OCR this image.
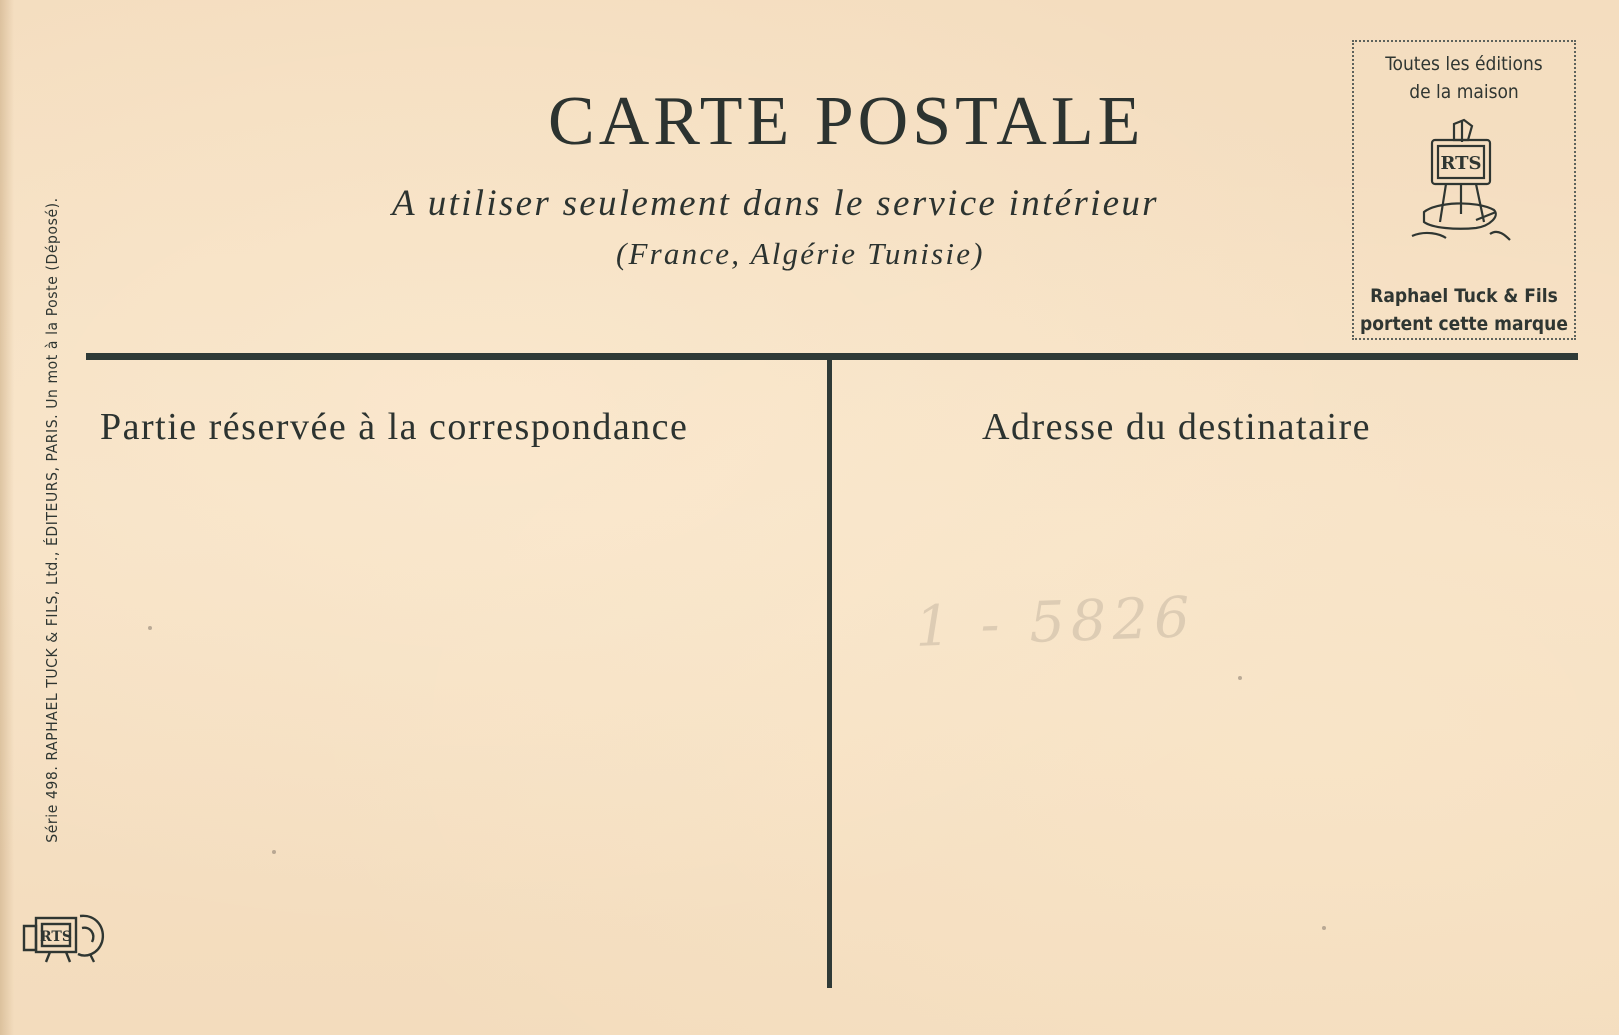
Série 498. RAPHAEL TUCK & FILS, Ltd., ÉDITEURS, PARIS. Un mot à la Poste (Déposé).
CARTE POSTALE
A utiliser seulement dans le service intérieur
(France, Algérie Tunisie)
Toutes les éditions
de la maison
RTS
Raphael Tuck & Fils
portent cette marque
Partie réservée à la correspondance	Adresse du destinataire
1 - 5826
RTS
